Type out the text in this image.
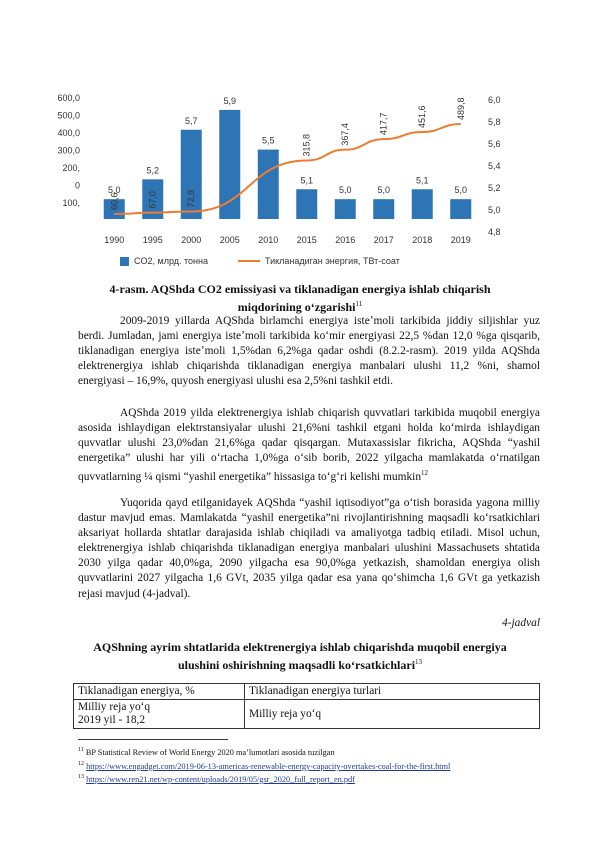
600,0
500,0
400,0
300,0
200,
0
100,
6,0
5,8
5,6
5,4
5,2
5,0
4,8
5,0
1990
5,2
1995
5,7
2000
5,9
2005
5,5
2010
5,1
2015
5,0
2016
5,0
2017
5,1
2018
5,0
2019
60,6	67,0	72,8
315,8	367,4	417,7	451,6	489,8
CO2, млрд. тонна	Тикланадиган энергия, ТВт-соат
4-rasm. AQShda CO2 emissiyasi va tiklanadigan energiya ishlab chiqarish miqdorining oʻzgarishi$^{11}$

2009-2019 yillarda AQShda birlamchi energiya isteʼmoli tarkibida jiddiy siljishlar yuz berdi. Jumladan, jami energiya isteʼmoli tarkibida koʻmir energiyasi 22,5 %dan 12,0 %ga qisqarib, tiklanadigan energiya isteʼmoli 1,5%dan 6,2%ga qadar oshdi (8.2.2-rasm). 2019 yilda AQShda elektrenergiya ishlab chiqarishda tiklanadigan energiya manbalari ulushi 11,2 %ni, shamol energiyasi – 16,9%, quyosh energiyasi ulushi esa 2,5%ni tashkil etdi.

AQShda 2019 yilda elektrenergiya ishlab chiqarish quvvatlari tarkibida muqobil energiya asosida ishlaydigan elektrstansiyalar ulushi 21,6%ni tashkil etgani holda koʻmirda ishlaydigan quvvatlar ulushi 23,0%dan 21,6%ga qadar qisqargan. Mutaxassislar fikricha, AQShda “yashil energetika” ulushi har yili oʻrtacha 1,0%ga oʻsib borib, 2022 yilgacha mamlakatda oʻrnatilgan quvvatlarning ¼ qismi “yashil energetika” hissasiga toʻgʻri kelishi mumkin$^{12}$

Yuqorida qayd etilganidayek AQShda “yashil iqtisodiyot”ga oʻtish borasida yagona milliy dastur mavjud emas. Mamlakatda “yashil energetika”ni rivojlantirishning maqsadli koʻrsatkichlari aksariyat hollarda shtatlar darajasida ishlab chiqiladi va amaliyotga tadbiq etiladi. Misol uchun, elektrenergiya ishlab chiqarishda tiklanadigan energiya manbalari ulushini Massachusets shtatida 2030 yilga qadar 40,0%ga, 2090 yilgacha esa 90,0%ga yetkazish, shamoldan energiya olish quvvatlarini 2027 yilgacha 1,6 GVt, 2035 yilga qadar esa yana qoʻshimcha 1,6 GVt ga yetkazish rejasi mavjud (4-jadval).

4-jadval
AQShning ayrim shtatlarida elektrenergiya ishlab chiqarishda muqobil energiya ulushini oshirishning maqsadli koʻrsatkichlari$^{13}$
Tiklanadigan energiya, %	Tiklanadigan energiya turlari

Milliy reja yoʻq
2019 yil - 18,2	Milliy reja yoʻq
$^{11}$ BP Statistical Review of World Energy 2020 maʼlumotlari asosida tuzilgan
$^{12}$ https://www.engadget.com/2019-06-13-americas-renewable-energy-capacity-overtakes-coal-for-the-first.html
$^{13}$ https://www.ren21.net/wp-content/uploads/2019/05/gsr_2020_full_report_en.pdf
